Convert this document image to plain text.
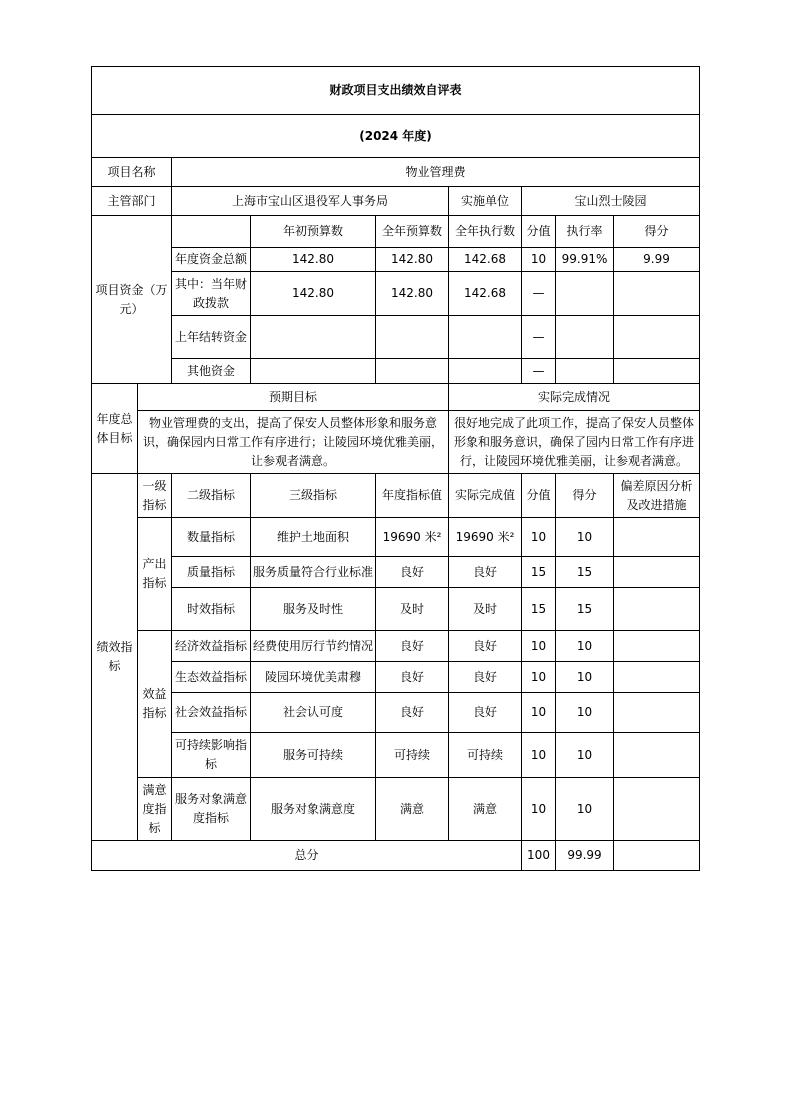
财政项目支出绩效自评表								
(2024 年度)								
项目名称		物业管理费						
主管部门		上海市宝山区退役军人事务局			实施单位	宝山烈士陵园		
项目资金（万元）			年初预算数	全年预算数	全年执行数	分值	执行率	得分
		年度资金总额	142.80	142.80	142.68	10	99.91%	9.99
		其中：当年财政拨款	142.80	142.80	142.68	—		
		上年结转资金				—		
		其他资金				—		
年度总体目标	预期目标				实际完成情况			
	物业管理费的支出，提高了保安人员整体形象和服务意识，确保园内日常工作有序进行；让陵园环境优雅美丽，让参观者满意。				很好地完成了此项工作，提高了保安人员整体形象和服务意识，确保了园内日常工作有序进行，让陵园环境优雅美丽，让参观者满意。			
绩效指标	一级指标	二级指标	三级指标	年度指标值	实际完成值	分值	得分	偏差原因分析及改进措施
	产出指标	数量指标	维护土地面积	19690 米²	19690 米²	10	10	
		质量指标	服务质量符合行业标准	良好	良好	15	15	
		时效指标	服务及时性	及时	及时	15	15	
	效益指标	经济效益指标	经费使用厉行节约情况	良好	良好	10	10	
		生态效益指标	陵园环境优美肃穆	良好	良好	10	10	
		社会效益指标	社会认可度	良好	良好	10	10	
		可持续影响指标	服务可持续	可持续	可持续	10	10	
	满意度指标	服务对象满意度指标	服务对象满意度	满意	满意	10	10	
总分						100	99.99	
